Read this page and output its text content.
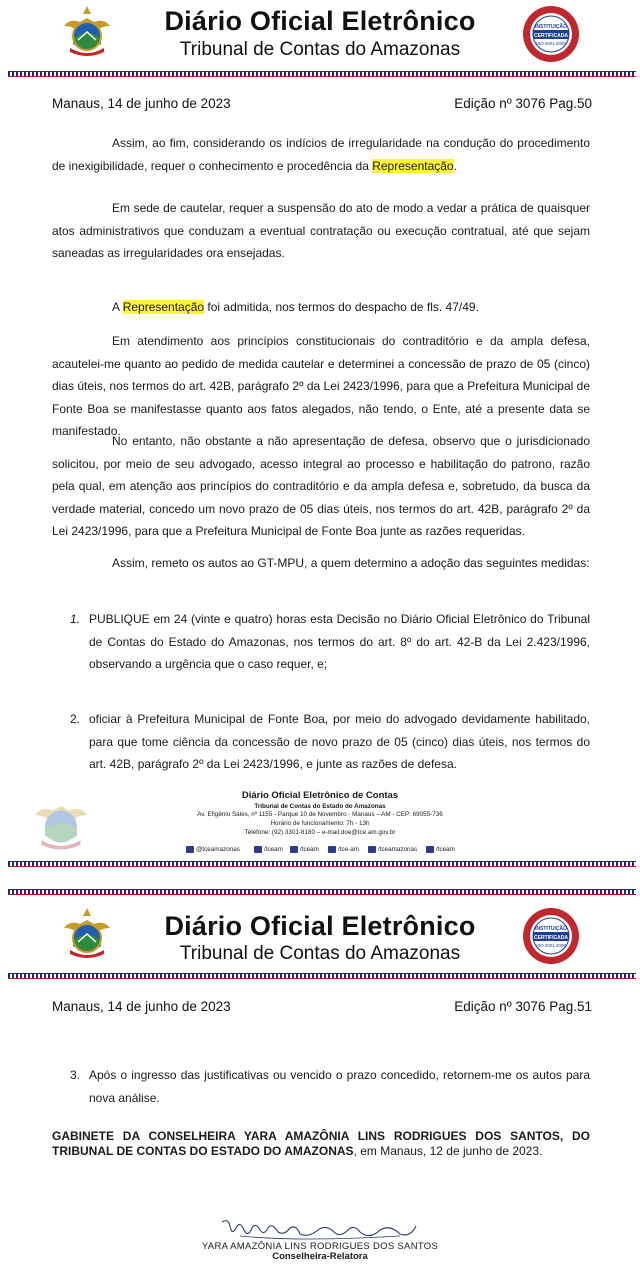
Diário Oficial Eletrônico
Tribunal de Contas do Amazonas
INSTITUIÇÃO
CERTIFICADA
ISO 9001:2008
Manaus, 14 de junho de 2023	Edição nº 3076 Pag.50
Assim, ao fim, considerando os indícios de irregularidade na condução do procedimento de inexigibilidade, requer o conhecimento e procedência da Representação.
Em sede de cautelar, requer a suspensão do ato de modo a vedar a prática de quaisquer atos administrativos que conduzam a eventual contratação ou execução contratual, até que sejam saneadas as irregularidades ora ensejadas.
A Representação foi admitida, nos termos do despacho de fls. 47/49.
Em atendimento aos princípios constitucionais do contraditório e da ampla defesa, acautelei-me quanto ao pedido de medida cautelar e determinei a concessão de prazo de 05 (cinco) dias úteis, nos termos do art. 42B, parágrafo 2º da Lei 2423/1996, para que a Prefeitura Municipal de Fonte Boa se manifestasse quanto aos fatos alegados, não tendo, o Ente, até a presente data se manifestado.
No entanto, não obstante a não apresentação de defesa, observo que o jurisdicionado solicitou, por meio de seu advogado, acesso integral ao processo e habilitação do patrono, razão pela qual, em atenção aos princípios do contraditório e da ampla defesa e, sobretudo, da busca da verdade material, concedo um novo prazo de 05 dias úteis, nos termos do art. 42B, parágrafo 2º da Lei 2423/1996, para que a Prefeitura Municipal de Fonte Boa junte as razões requeridas.
Assim, remeto os autos ao GT-MPU, a quem determino a adoção das seguintes medidas:
1. PUBLIQUE em 24 (vinte e quatro) horas esta Decisão no Diário Oficial Eletrônico do Tribunal de Contas do Estado do Amazonas, nos termos do art. 8º do art. 42-B da Lei 2.423/1996, observando a urgência que o caso requer, e;
2. oficiar à Prefeitura Municipal de Fonte Boa, por meio do advogado devidamente habilitado, para que tome ciência da concessão de novo prazo de 05 (cinco) dias úteis, nos termos do art. 42B, parágrafo 2º da Lei 2423/1996, e junte as razões de defesa.
Diário Oficial Eletrônico de Contas
Tribunal de Contas do Estado do Amazonas
Av. Efigênio Sales, nº 1155 - Parque 10 de Novembro - Manaus – AM - CEP: 69055-736
Horário de funcionamento: 7h - 13h
Telefone: (92) 3301-8180 – e-mail:doe@tce.am.gov.br
@tceamazonas	/tceam	/tceam	/tce-am	/tceamazonas	/tceam
Diário Oficial Eletrônico
Tribunal de Contas do Amazonas
INSTITUIÇÃO
CERTIFICADA
ISO 9001:2008
Manaus, 14 de junho de 2023	Edição nº 3076 Pag.51
3. Após o ingresso das justificativas ou vencido o prazo concedido, retornem-me os autos para nova análise.
GABINETE DA CONSELHEIRA YARA AMAZÔNIA LINS RODRIGUES DOS SANTOS, DO TRIBUNAL DE CONTAS DO ESTADO DO AMAZONAS, em Manaus, 12 de junho de 2023.
YARA AMAZÔNIA LINS RODRIGUES DOS SANTOS
Conselheira-Relatora
